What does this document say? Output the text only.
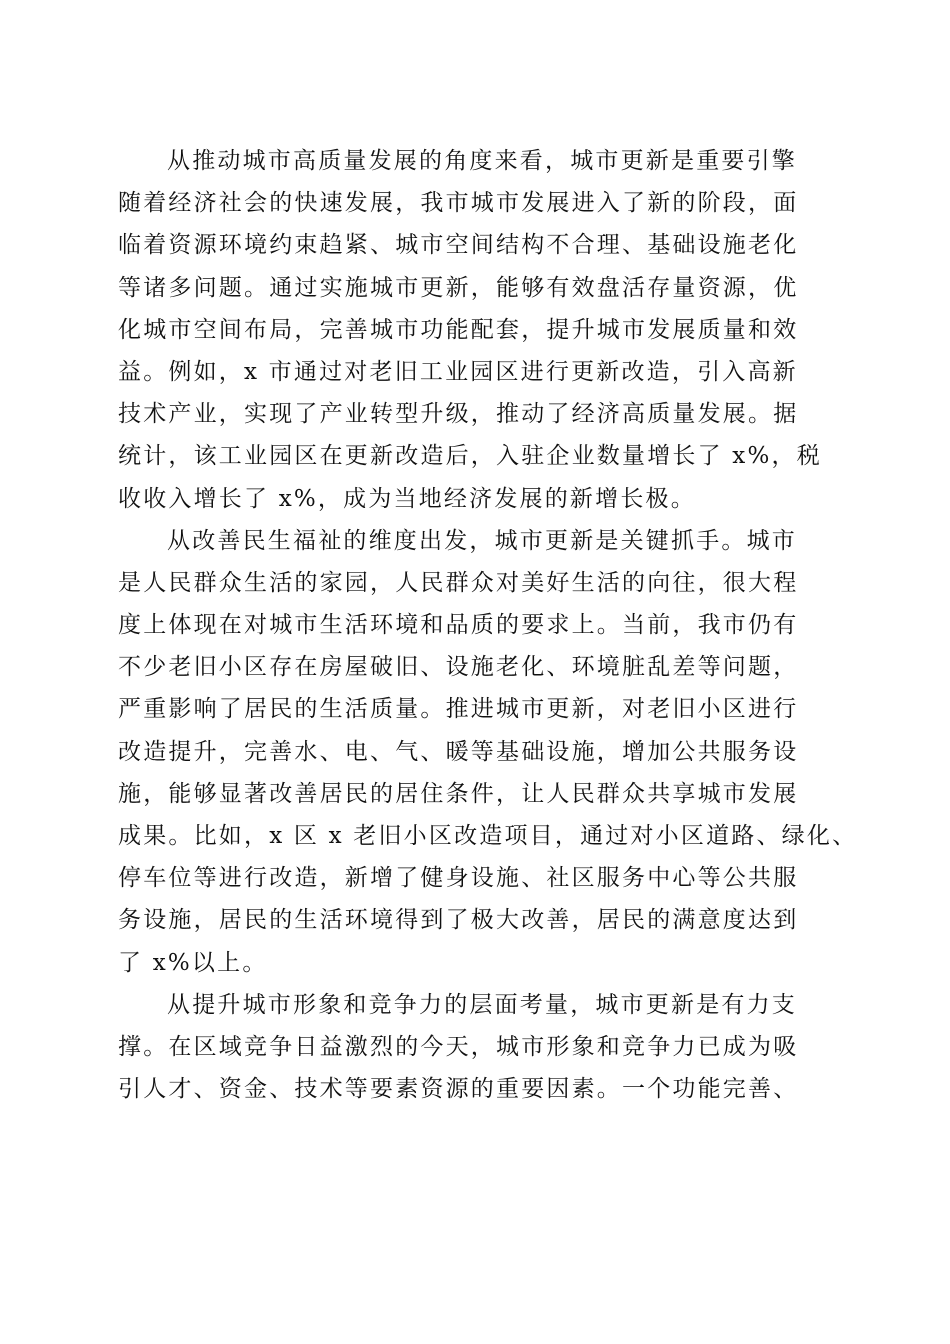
从推动城市高质量发展的角度来看，城市更新是重要引擎
随着经济社会的快速发展，我市城市发展进入了新的阶段，面
临着资源环境约束趋紧、城市空间结构不合理、基础设施老化
等诸多问题。通过实施城市更新，能够有效盘活存量资源，优
化城市空间布局，完善城市功能配套，提升城市发展质量和效
益。例如，x 市通过对老旧工业园区进行更新改造，引入高新
技术产业，实现了产业转型升级，推动了经济高质量发展。据
统计，该工业园区在更新改造后，入驻企业数量增长了 x%，税
收收入增长了 x%，成为当地经济发展的新增长极。
从改善民生福祉的维度出发，城市更新是关键抓手。城市
是人民群众生活的家园，人民群众对美好生活的向往，很大程
度上体现在对城市生活环境和品质的要求上。当前，我市仍有
不少老旧小区存在房屋破旧、设施老化、环境脏乱差等问题，
严重影响了居民的生活质量。推进城市更新，对老旧小区进行
改造提升，完善水、电、气、暖等基础设施，增加公共服务设
施，能够显著改善居民的居住条件，让人民群众共享城市发展
成果。比如，x 区 x 老旧小区改造项目，通过对小区道路、绿化、
停车位等进行改造，新增了健身设施、社区服务中心等公共服
务设施，居民的生活环境得到了极大改善，居民的满意度达到
了 x%以上。
从提升城市形象和竞争力的层面考量，城市更新是有力支
撑。在区域竞争日益激烈的今天，城市形象和竞争力已成为吸
引人才、资金、技术等要素资源的重要因素。一个功能完善、
